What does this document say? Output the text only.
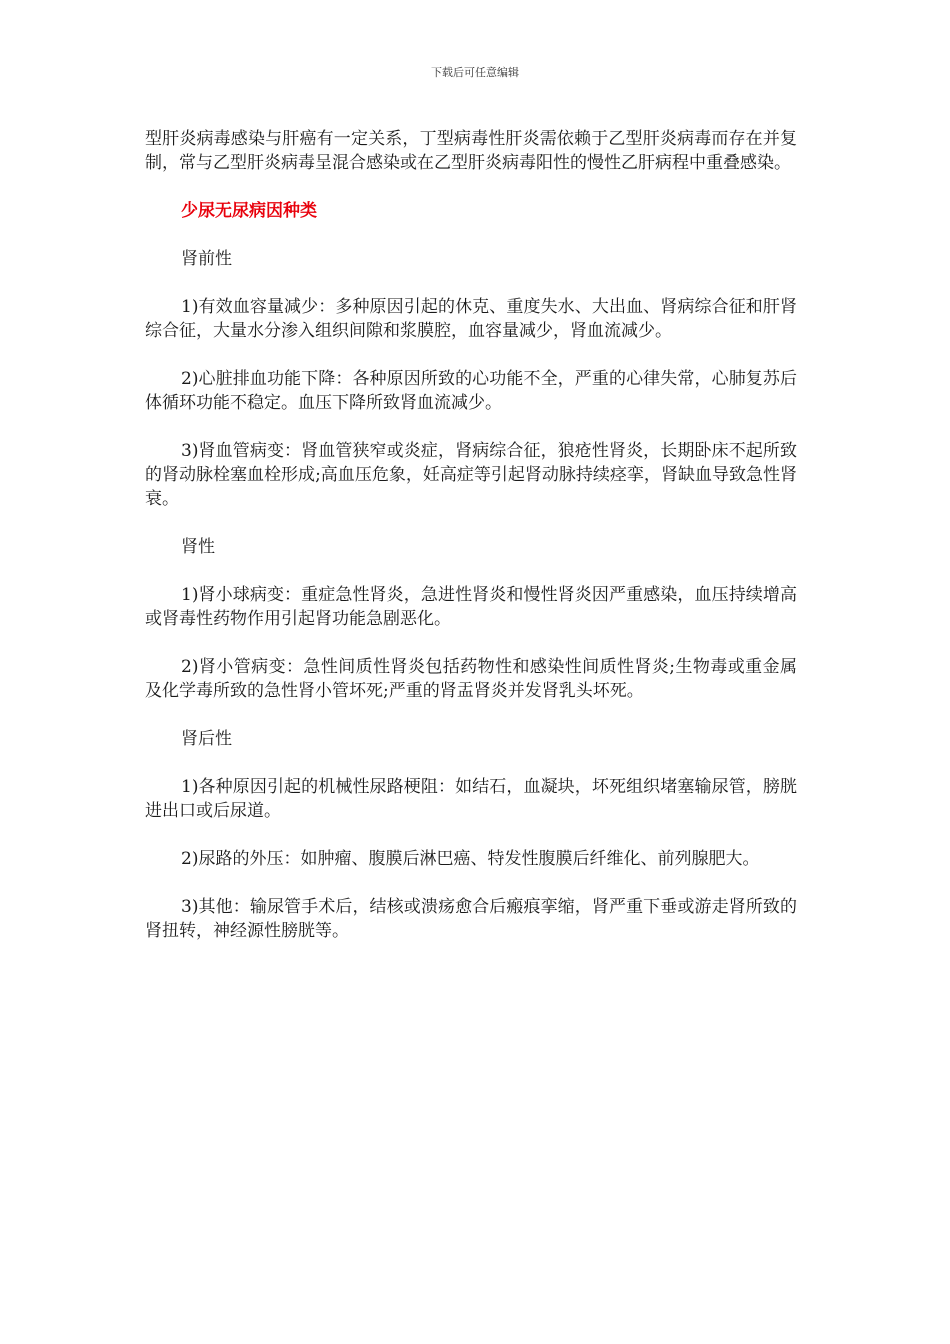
下载后可任意编辑

型肝炎病毒感染与肝癌有一定关系，丁型病毒性肝炎需依赖于乙型肝炎病毒而存在并复制，常与乙型肝炎病毒呈混合感染或在乙型肝炎病毒阳性的慢性乙肝病程中重叠感染。

少尿无尿病因种类

肾前性

1)有效血容量减少：多种原因引起的休克、重度失水、大出血、肾病综合征和肝肾综合征，大量水分渗入组织间隙和浆膜腔，血容量减少，肾血流减少。

2)心脏排血功能下降：各种原因所致的心功能不全，严重的心律失常，心肺复苏后体循环功能不稳定。血压下降所致肾血流减少。

3)肾血管病变：肾血管狭窄或炎症，肾病综合征，狼疮性肾炎，长期卧床不起所致的肾动脉栓塞血栓形成;高血压危象，妊高症等引起肾动脉持续痉挛，肾缺血导致急性肾衰。

肾性

1)肾小球病变：重症急性肾炎，急进性肾炎和慢性肾炎因严重感染，血压持续增高或肾毒性药物作用引起肾功能急剧恶化。

2)肾小管病变：急性间质性肾炎包括药物性和感染性间质性肾炎;生物毒或重金属及化学毒所致的急性肾小管坏死;严重的肾盂肾炎并发肾乳头坏死。

肾后性

1)各种原因引起的机械性尿路梗阻：如结石，血凝块，坏死组织堵塞输尿管，膀胱进出口或后尿道。

2)尿路的外压：如肿瘤、腹膜后淋巴癌、特发性腹膜后纤维化、前列腺肥大。

3)其他：输尿管手术后，结核或溃疡愈合后瘢痕挛缩，肾严重下垂或游走肾所致的肾扭转，神经源性膀胱等。
